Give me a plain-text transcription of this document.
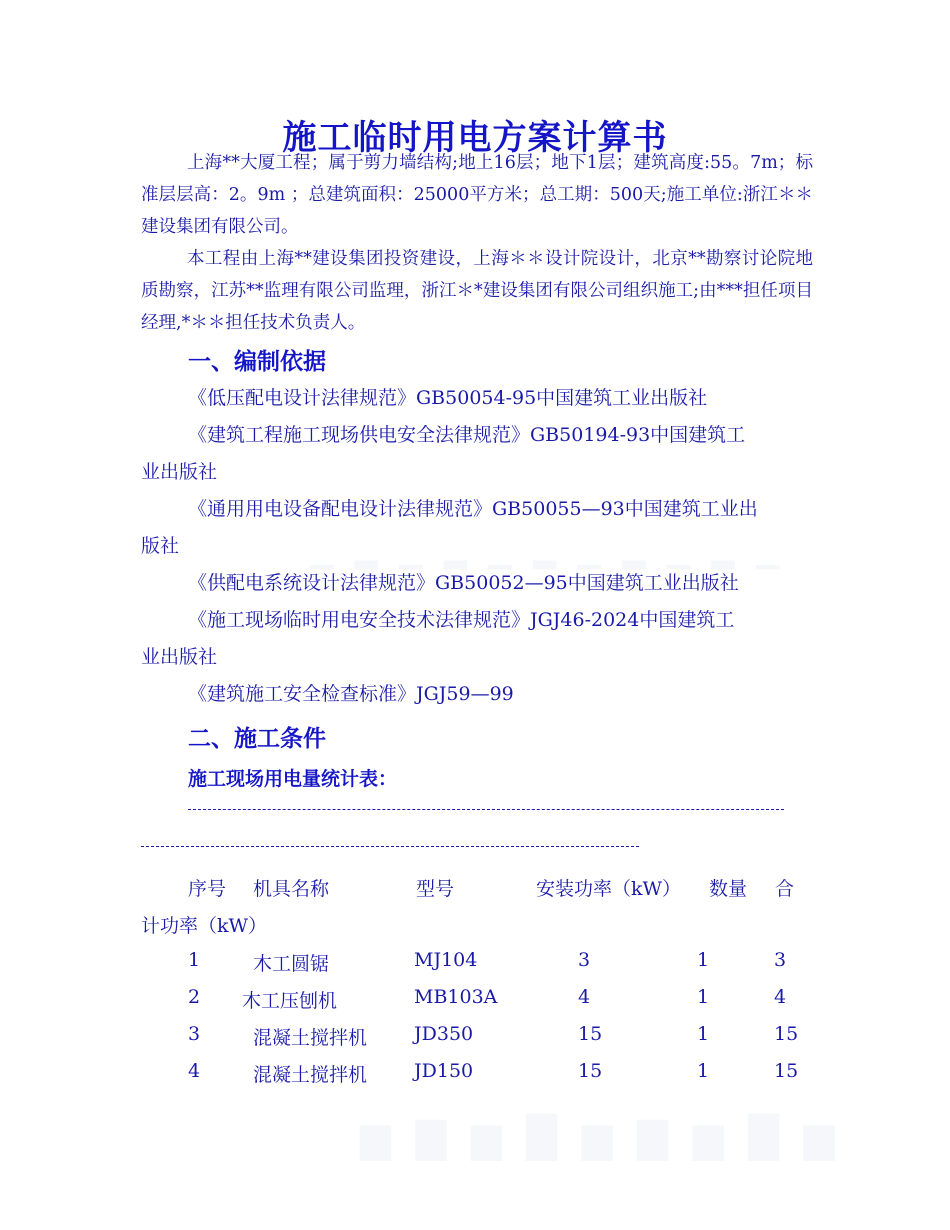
施工临时用电方案计算书

上海**大厦工程；属于剪力墙结构;地上16层；地下1层；建筑高度:55。7m；标准层层高：2。9m ；总建筑面积：25000平方米；总工期：500天;施工单位:浙江＊＊建设集团有限公司。

本工程由上海**建设集团投资建设，上海＊＊设计院设计，北京**勘察讨论院地质勘察，江苏**监理有限公司监理，浙江＊*建设集团有限公司组织施工;由***担任项目经理,*＊＊担任技术负责人。

一、编制依据

《低压配电设计法律规范》GB50054-95中国建筑工业出版社

《建筑工程施工现场供电安全法律规范》GB50194-93中国建筑工

业出版社

《通用用电设备配电设计法律规范》GB50055—93中国建筑工业出

版社

《供配电系统设计法律规范》GB50052—95中国建筑工业出版社

《施工现场临时用电安全技术法律规范》JGJ46-2024中国建筑工

业出版社

《建筑施工安全检查标准》JGJ59—99

二、施工条件
施工现场用电量统计表：
序号 机具名称	型号	安装功率（kW） 数量 合
计功率（kW）
1	木工圆锯	MJ104	3	1	3
2 木工压刨机	MB103A	4	1	4
3	混凝土搅拌机 JD350	15	1	15
4	混凝土搅拌机 JD150	15	1	15
▁ ▂ ▁ ▂ ▁ ▂ ▁ ▂ ▁ ▂ ▁
▆ ▇ ▆ █ ▆ ▇ ▆ █ ▆
